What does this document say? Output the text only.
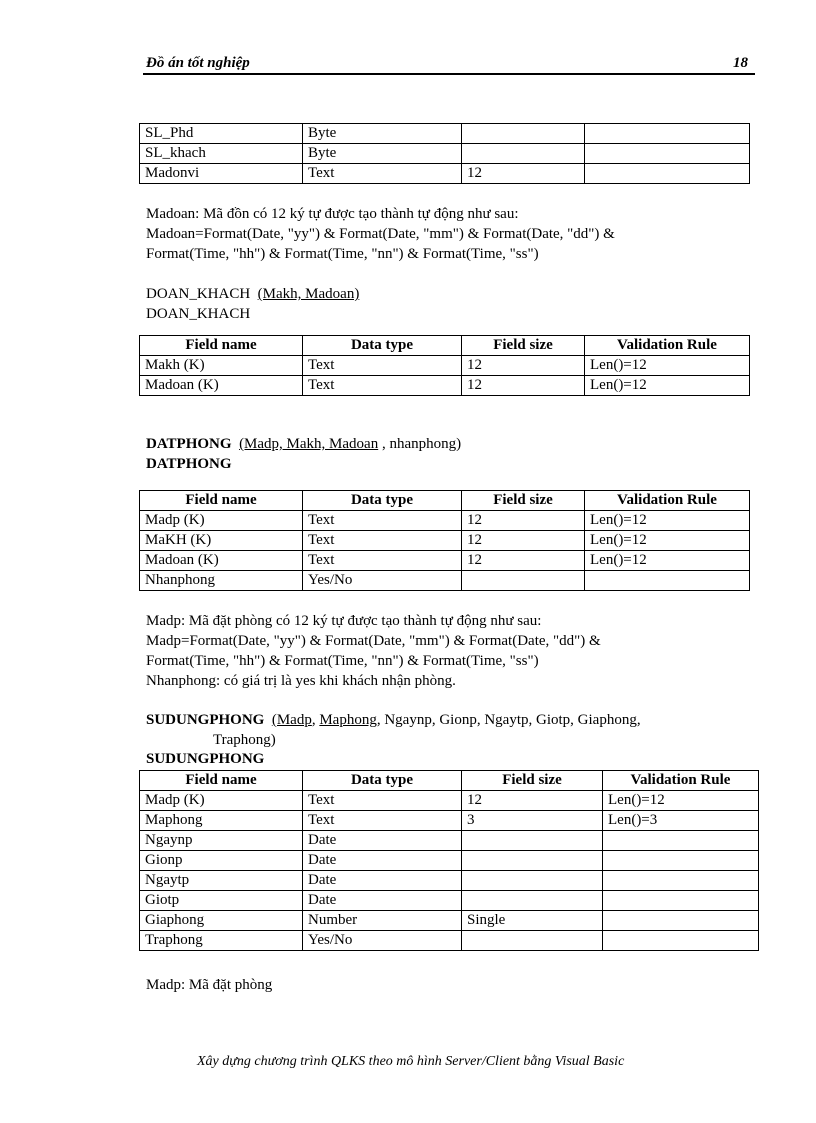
Đồ án tốt nghiệp	18
SL_Phd	Byte		
SL_khach	Byte		
Madonvi	Text	12	
Madoan: Mã đồn có 12 ký tự được tạo thành tự động như sau:
Madoan=Format(Date, "yy") & Format(Date, "mm") & Format(Date, "dd") &
Format(Time, "hh") & Format(Time, "nn") & Format(Time, "ss")
DOAN_KHACH (Makh, Madoan)
DOAN_KHACH
Field name	Data type	Field size	Validation Rule
Makh (K)	Text	12	Len()=12
Madoan (K)	Text	12	Len()=12
DATPHONG (Madp, Makh, Madoan , nhanphong)
DATPHONG
Field name	Data type	Field size	Validation Rule
Madp (K)	Text	12	Len()=12
MaKH (K)	Text	12	Len()=12
Madoan (K)	Text	12	Len()=12
Nhanphong	Yes/No		
Madp: Mã đặt phòng có 12 ký tự được tạo thành tự động như sau:
Madp=Format(Date, "yy") & Format(Date, "mm") & Format(Date, "dd") &
Format(Time, "hh") & Format(Time, "nn") & Format(Time, "ss")
Nhanphong: có giá trị là yes khi khách nhận phòng.
SUDUNGPHONG (Madp, Maphong, Ngaynp, Gionp, Ngaytp, Giotp, Giaphong,
Traphong)
SUDUNGPHONG
Field name	Data type	Field size	Validation Rule
Madp (K)	Text	12	Len()=12
Maphong	Text	3	Len()=3
Ngaynp	Date		
Gionp	Date		
Ngaytp	Date		
Giotp	Date		
Giaphong	Number	Single	
Traphong	Yes/No		
Madp: Mã đặt phòng
Xây dựng chương trình QLKS theo mô hình Server/Client bằng Visual Basic
